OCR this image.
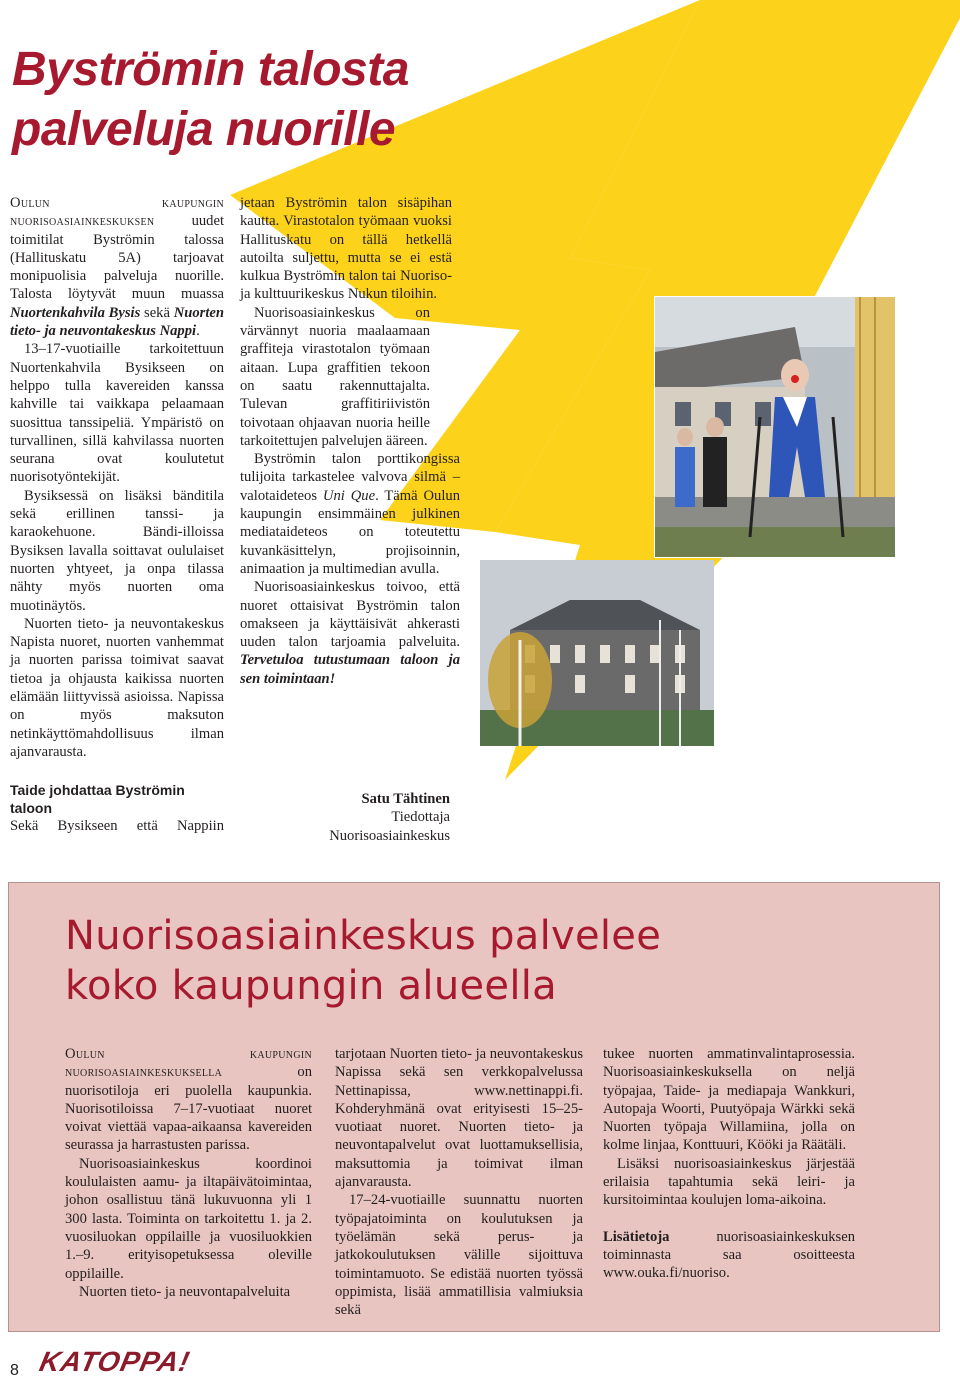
Byströmin talosta
palveluja nuorille

Oulun kaupungin nuorisoasiainkeskuksen uudet toimitilat Byströmin talossa (Hallituskatu 5A) tarjoavat monipuolisia palveluja nuorille. Talosta löytyvät muun muassa Nuortenkahvila Bysis sekä Nuorten tieto- ja neuvontakeskus Nappi.

13–17-vuotiaille tarkoitettuun Nuortenkahvila Bysikseen on helppo tulla kavereiden kanssa kahville tai vaikkapa pelaamaan suosittua tanssipeliä. Ympäristö on turvallinen, sillä kahvilassa nuorten seurana ovat koulutetut nuorisotyöntekijät.

Bysiksessä on lisäksi bänditila sekä erillinen tanssi- ja karaokehuone. Bändi-illoissa Bysiksen lavalla soittavat oululaiset nuorten yhtyeet, ja onpa tilassa nähty myös nuorten oma muotinäytös.

Nuorten tieto- ja neuvontakeskus Napista nuoret, nuorten vanhemmat ja nuorten parissa toimivat saavat tietoa ja ohjausta kaikissa nuorten elämään liittyvissä asioissa. Napissa on myös maksuton netinkäyttömahdollisuus ilman ajanvarausta.

Taide johdattaa Byströmin taloon

Sekä Bysikseen että Nappiin

jetaan Byströmin talon sisäpihan kautta. Virastotalon työmaan vuoksi Hallituskatu on tällä hetkellä autoilta suljettu, mutta se ei estä kulkua Byströmin talon tai Nuoriso- ja kulttuurikeskus Nukun tiloihin.

Nuorisoasiainkeskus on värvännyt nuoria maalaamaan graffiteja virastotalon työmaan aitaan. Lupa graffitien tekoon on saatu rakennuttajalta. Tulevan graffitiriivistön toivotaan ohjaavan nuoria heille tarkoitettujen palvelujen ääreen.

Byströmin talon porttikongissa tulijoita tarkastelee valvova silmä – valotaideteos Uni Que. Tämä Oulun kaupungin ensimmäinen julkinen mediataideteos on toteutettu kuvankäsittelyn, projisoinnin, animaation ja multimedian avulla.

Nuorisoasiainkeskus toivoo, että nuoret ottaisivat Byströmin talon omakseen ja käyttäisivät ahkerasti uuden talon tarjoamia palveluita. Tervetuloa tutustumaan taloon ja sen toimintaan!

Satu Tähtinen
Tiedottaja
Nuorisoasiainkeskus
Nuorisoasiainkeskus palvelee
koko kaupungin alueella

Oulun kaupungin nuorisoasiainkeskuksella on nuorisotiloja eri puolella kaupunkia. Nuorisotiloissa 7–17-vuotiaat nuoret voivat viettää vapaa-aikaansa kavereiden seurassa ja harrastusten parissa.

Nuorisoasiainkeskus koordinoi koululaisten aamu- ja iltapäivätoimintaa, johon osallistuu tänä lukuvuonna yli 1 300 lasta. Toiminta on tarkoitettu 1. ja 2. vuosiluokan oppilaille ja vuosiluokkien 1.–9. erityisopetuksessa oleville oppilaille.

Nuorten tieto- ja neuvontapalveluita

tarjotaan Nuorten tieto- ja neuvontakeskus Napissa sekä sen verkkopalvelussa Nettinapissa, www.nettinappi.fi. Kohderyhmänä ovat erityisesti 15–25-vuotiaat nuoret. Nuorten tieto- ja neuvontapalvelut ovat luottamuksellisia, maksuttomia ja toimivat ilman ajanvarausta.

17–24-vuotiaille suunnattu nuorten työpajatoiminta on koulutuksen ja työelämän sekä perus- ja jatkokoulutuksen välille sijoittuva toimintamuoto. Se edistää nuorten työssä oppimista, lisää ammatillisia valmiuksia sekä

tukee nuorten ammatinvalintaprosessia. Nuorisoasiainkeskuksella on neljä työpajaa, Taide- ja mediapaja Wankkuri, Autopaja Woorti, Puutyöpaja Wärkki sekä Nuorten työpaja Willamiina, jolla on kolme linjaa, Konttuuri, Kööki ja Räätäli.

Lisäksi nuorisoasiainkeskus järjestää erilaisia tapahtumia sekä leiri- ja kursitoimintaa koulujen loma-aikoina.

Lisätietoja nuorisoasiainkeskuksen toiminnasta saa osoitteesta www.ouka.fi/nuoriso.

8 KATOPPA!
